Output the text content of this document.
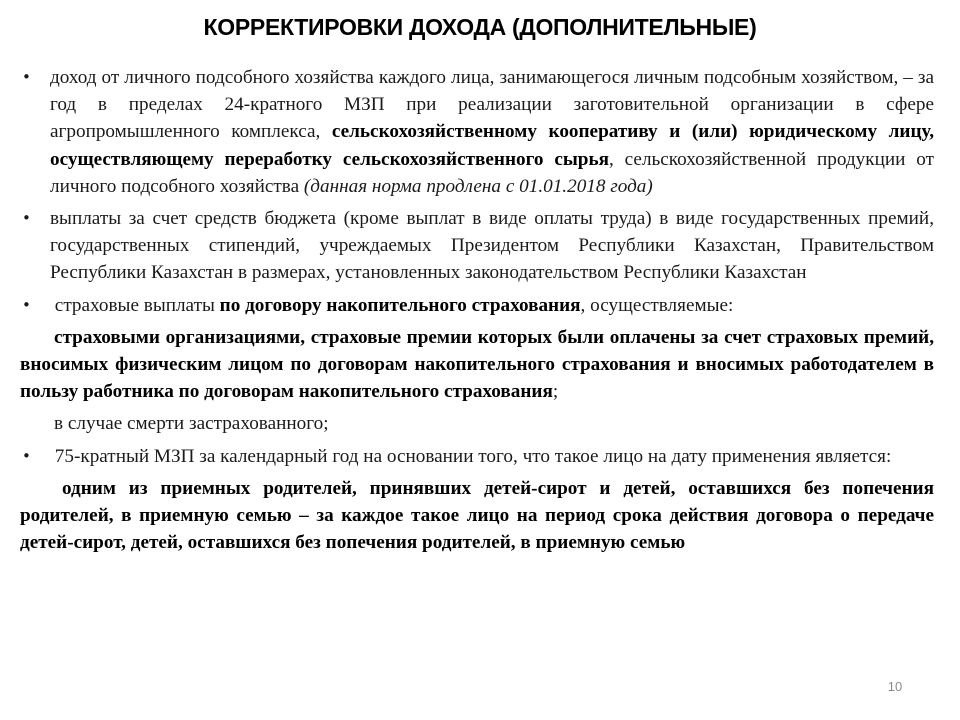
КОРРЕКТИРОВКИ ДОХОДА (ДОПОЛНИТЕЛЬНЫЕ)
• доход от личного подсобного хозяйства каждого лица, занимающегося личным подсобным хозяйством, – за год в пределах 24-кратного МЗП при реализации заготовительной организации в сфере агропромышленного комплекса, сельскохозяйственному кооперативу и (или) юридическому лицу, осуществляющему переработку сельскохозяйственного сырья, сельскохозяйственной продукции от личного подсобного хозяйства (данная норма продлена с 01.01.2018 года)
• выплаты за счет средств бюджета (кроме выплат в виде оплаты труда) в виде государственных премий, государственных стипендий, учреждаемых Президентом Республики Казахстан, Правительством Республики Казахстан в размерах, установленных законодательством Республики Казахстан
• страховые выплаты по договору накопительного страхования, осуществляемые:
страховыми организациями, страховые премии которых были оплачены за счет страховых премий, вносимых физическим лицом по договорам накопительного страхования и вносимых работодателем в пользу работника по договорам накопительного страхования;
в случае смерти застрахованного;
• 75-кратный МЗП за календарный год на основании того, что такое лицо на дату применения является:
одним из приемных родителей, принявших детей-сирот и детей, оставшихся без попечения родителей, в приемную семью – за каждое такое лицо на период срока действия договора о передаче детей-сирот, детей, оставшихся без попечения родителей, в приемную семью
10
